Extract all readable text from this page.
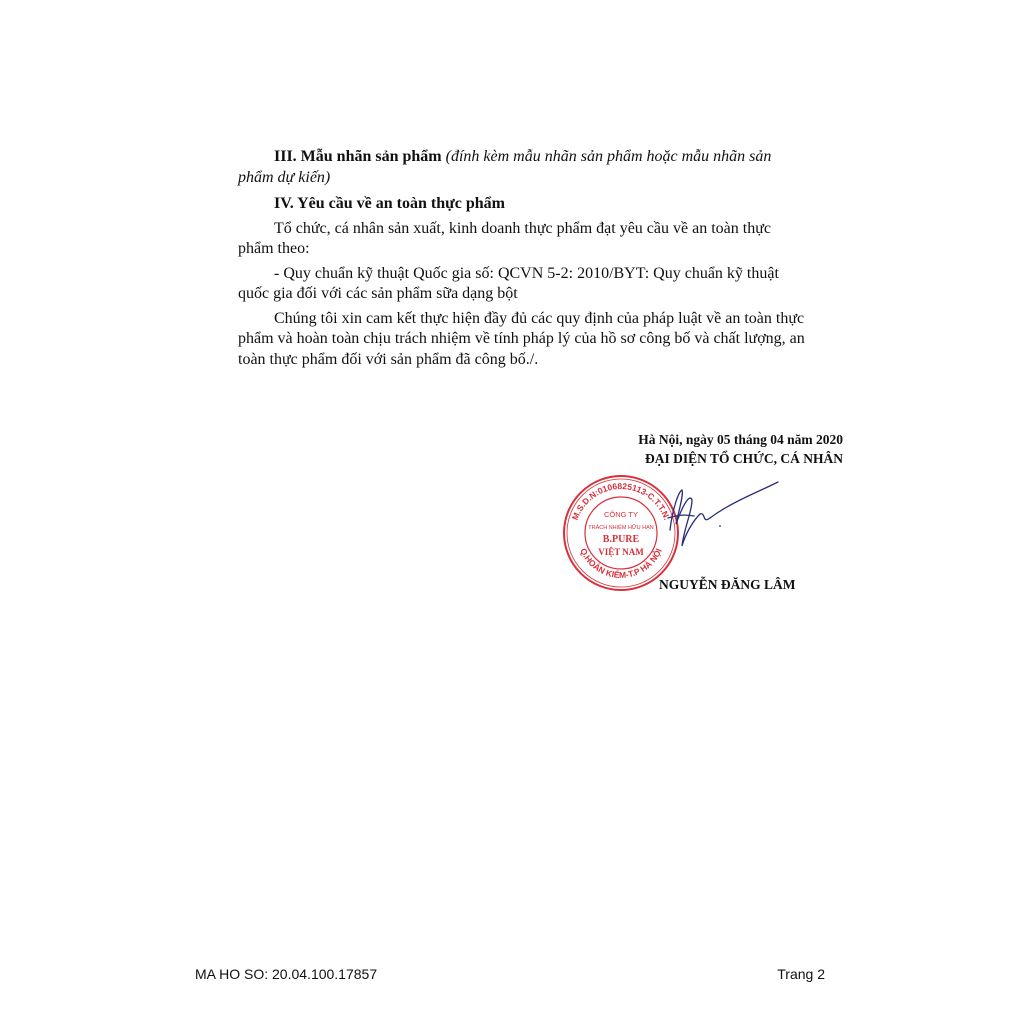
III. Mẫu nhãn sản phẩm (đính kèm mẫu nhãn sản phẩm hoặc mẫu nhãn sản phẩm dự kiến)

IV. Yêu cầu về an toàn thực phẩm

Tổ chức, cá nhân sản xuất, kinh doanh thực phẩm đạt yêu cầu về an toàn thực phẩm theo:

- Quy chuẩn kỹ thuật Quốc gia số: QCVN 5-2: 2010/BYT: Quy chuẩn kỹ thuật quốc gia đối với các sản phẩm sữa dạng bột

Chúng tôi xin cam kết thực hiện đầy đủ các quy định của pháp luật về an toàn thực phẩm và hoàn toàn chịu trách nhiệm về tính pháp lý của hồ sơ công bố và chất lượng, an toàn thực phẩm đối với sản phẩm đã công bố./.

Hà Nội, ngày 05 tháng 04 năm 2020
ĐẠI DIỆN TỔ CHỨC, CÁ NHÂN
M.S.D.N:0106825113-C.T.T.N.
Q.HOÀN KIẾM-T.P HÀ NỘI
CÔNG TY
TRÁCH NHIỆM HỮU HẠN
B.PURE
VIỆT NAM
NGUYỄN ĐĂNG LÂM
MA HO SO: 20.04.100.17857	Trang 2
